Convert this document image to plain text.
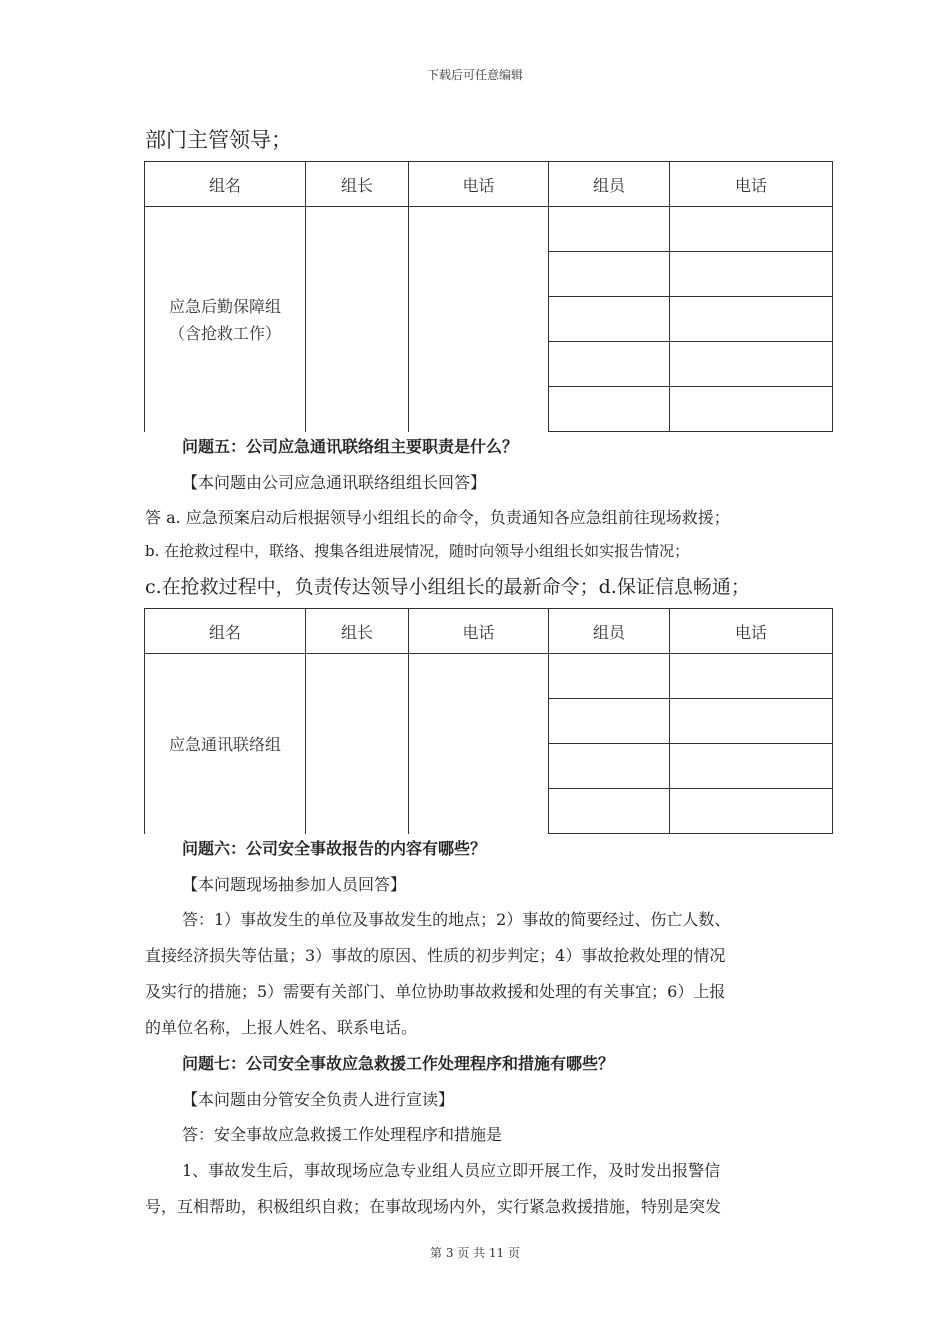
下载后可任意编辑
部门主管领导；
组名	组长	电话	组员	电话

应急后勤保障组
（含抢救工作）				

问题五：公司应急通讯联络组主要职责是什么？
【本问题由公司应急通讯联络组组长回答】
答 a. 应急预案启动后根据领导小组组长的命令，负责通知各应急组前往现场救援；
b. 在抢救过程中，联络、搜集各组进展情况，随时向领导小组组长如实报告情况；
c.在抢救过程中，负责传达领导小组组长的最新命令；d.保证信息畅通；
组名	组长	电话	组员	电话
应急通讯联络组				

问题六：公司安全事故报告的内容有哪些？
【本问题现场抽参加人员回答】
答：1）事故发生的单位及事故发生的地点；2）事故的简要经过、伤亡人数、
直接经济损失等估量；3）事故的原因、性质的初步判定；4）事故抢救处理的情况
及实行的措施；5）需要有关部门、单位协助事故救援和处理的有关事宜；6）上报
的单位名称，上报人姓名、联系电话。
问题七：公司安全事故应急救援工作处理程序和措施有哪些？
【本问题由分管安全负责人进行宣读】
答：安全事故应急救援工作处理程序和措施是
1、事故发生后，事故现场应急专业组人员应立即开展工作，及时发出报警信
号，互相帮助，积极组织自救；在事故现场内外，实行紧急救援措施，特别是突发
第 3 页 共 11 页
